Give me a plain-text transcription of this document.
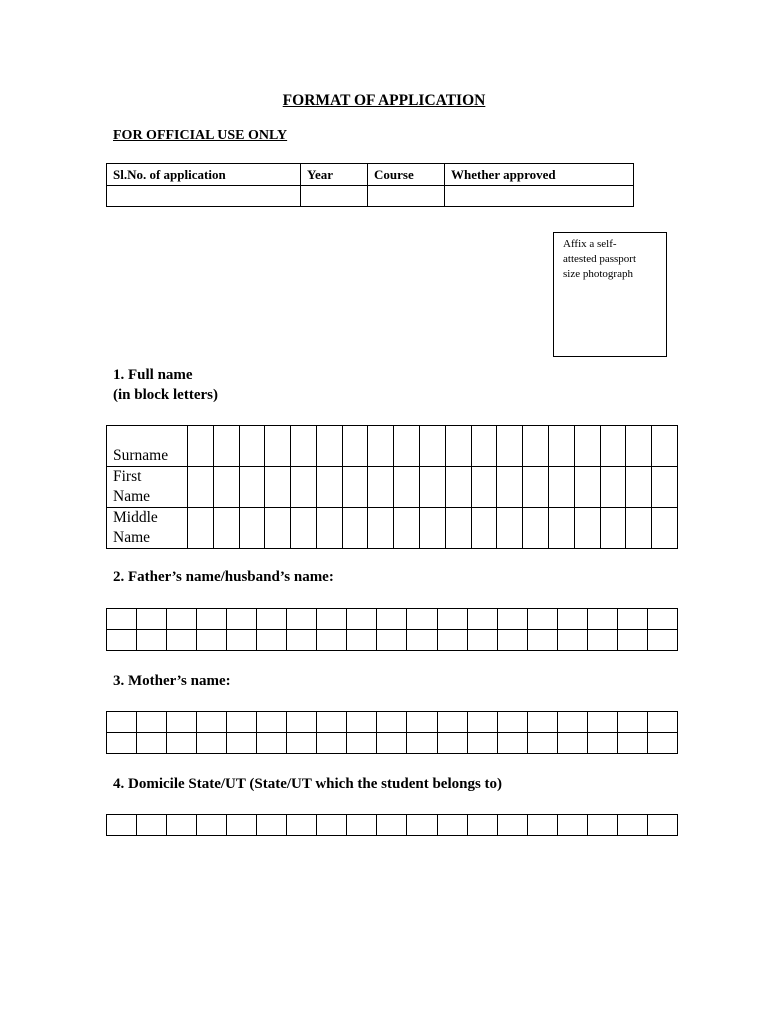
FORMAT OF APPLICATION
FOR OFFICIAL USE ONLY
Sl.No. of application	Year	Course	Whether approved

Affix a self-
attested passport
size photograph
1. Full name
(in block letters)
Surname																			

First
Name																			

Middle
Name																			

2. Father’s name/husband’s name:

3. Mother’s name:

4. Domicile State/UT (State/UT which the student belongs to)
